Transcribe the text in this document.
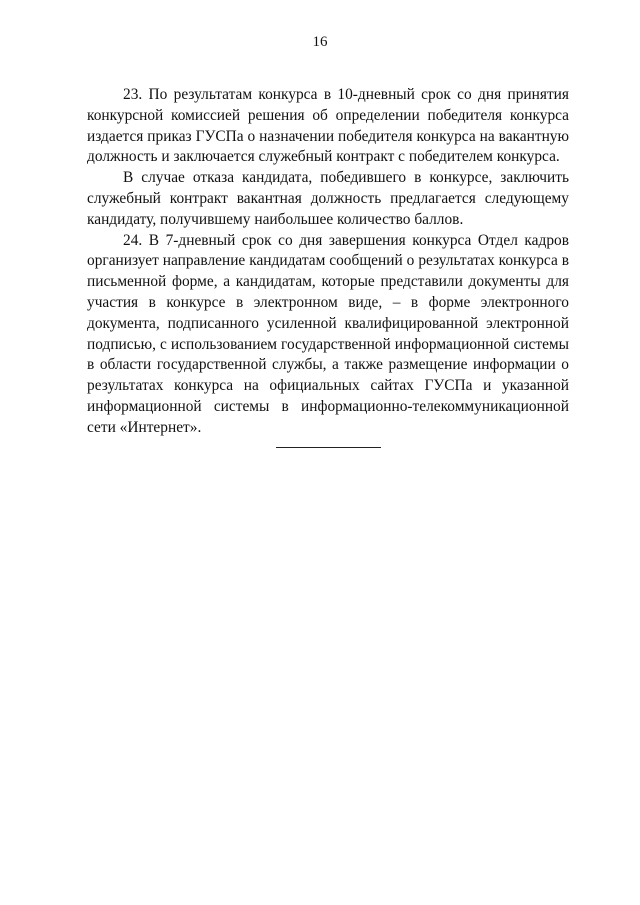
16

23. По результатам конкурса в 10-дневный срок со дня принятия конкурсной комиссией решения об определении победителя конкурса издается приказ ГУСПа о назначении победителя конкурса на вакантную должность и заключается служебный контракт с победителем конкурса.

В случае отказа кандидата, победившего в конкурсе, заключить служебный контракт вакантная должность предлагается следующему кандидату, получившему наибольшее количество баллов.

24. В 7-дневный срок со дня завершения конкурса Отдел кадров организует направление кандидатам сообщений о результатах конкурса в письменной форме, а кандидатам, которые представили документы для участия в конкурсе в электронном виде, – в форме электронного документа, подписанного усиленной квалифицированной электронной подписью, с использованием государственной информационной системы в области государственной службы, а также размещение информации о результатах конкурса на официальных сайтах ГУСПа и указанной информационной системы в информационно-телекоммуникационной сети «Интернет».
